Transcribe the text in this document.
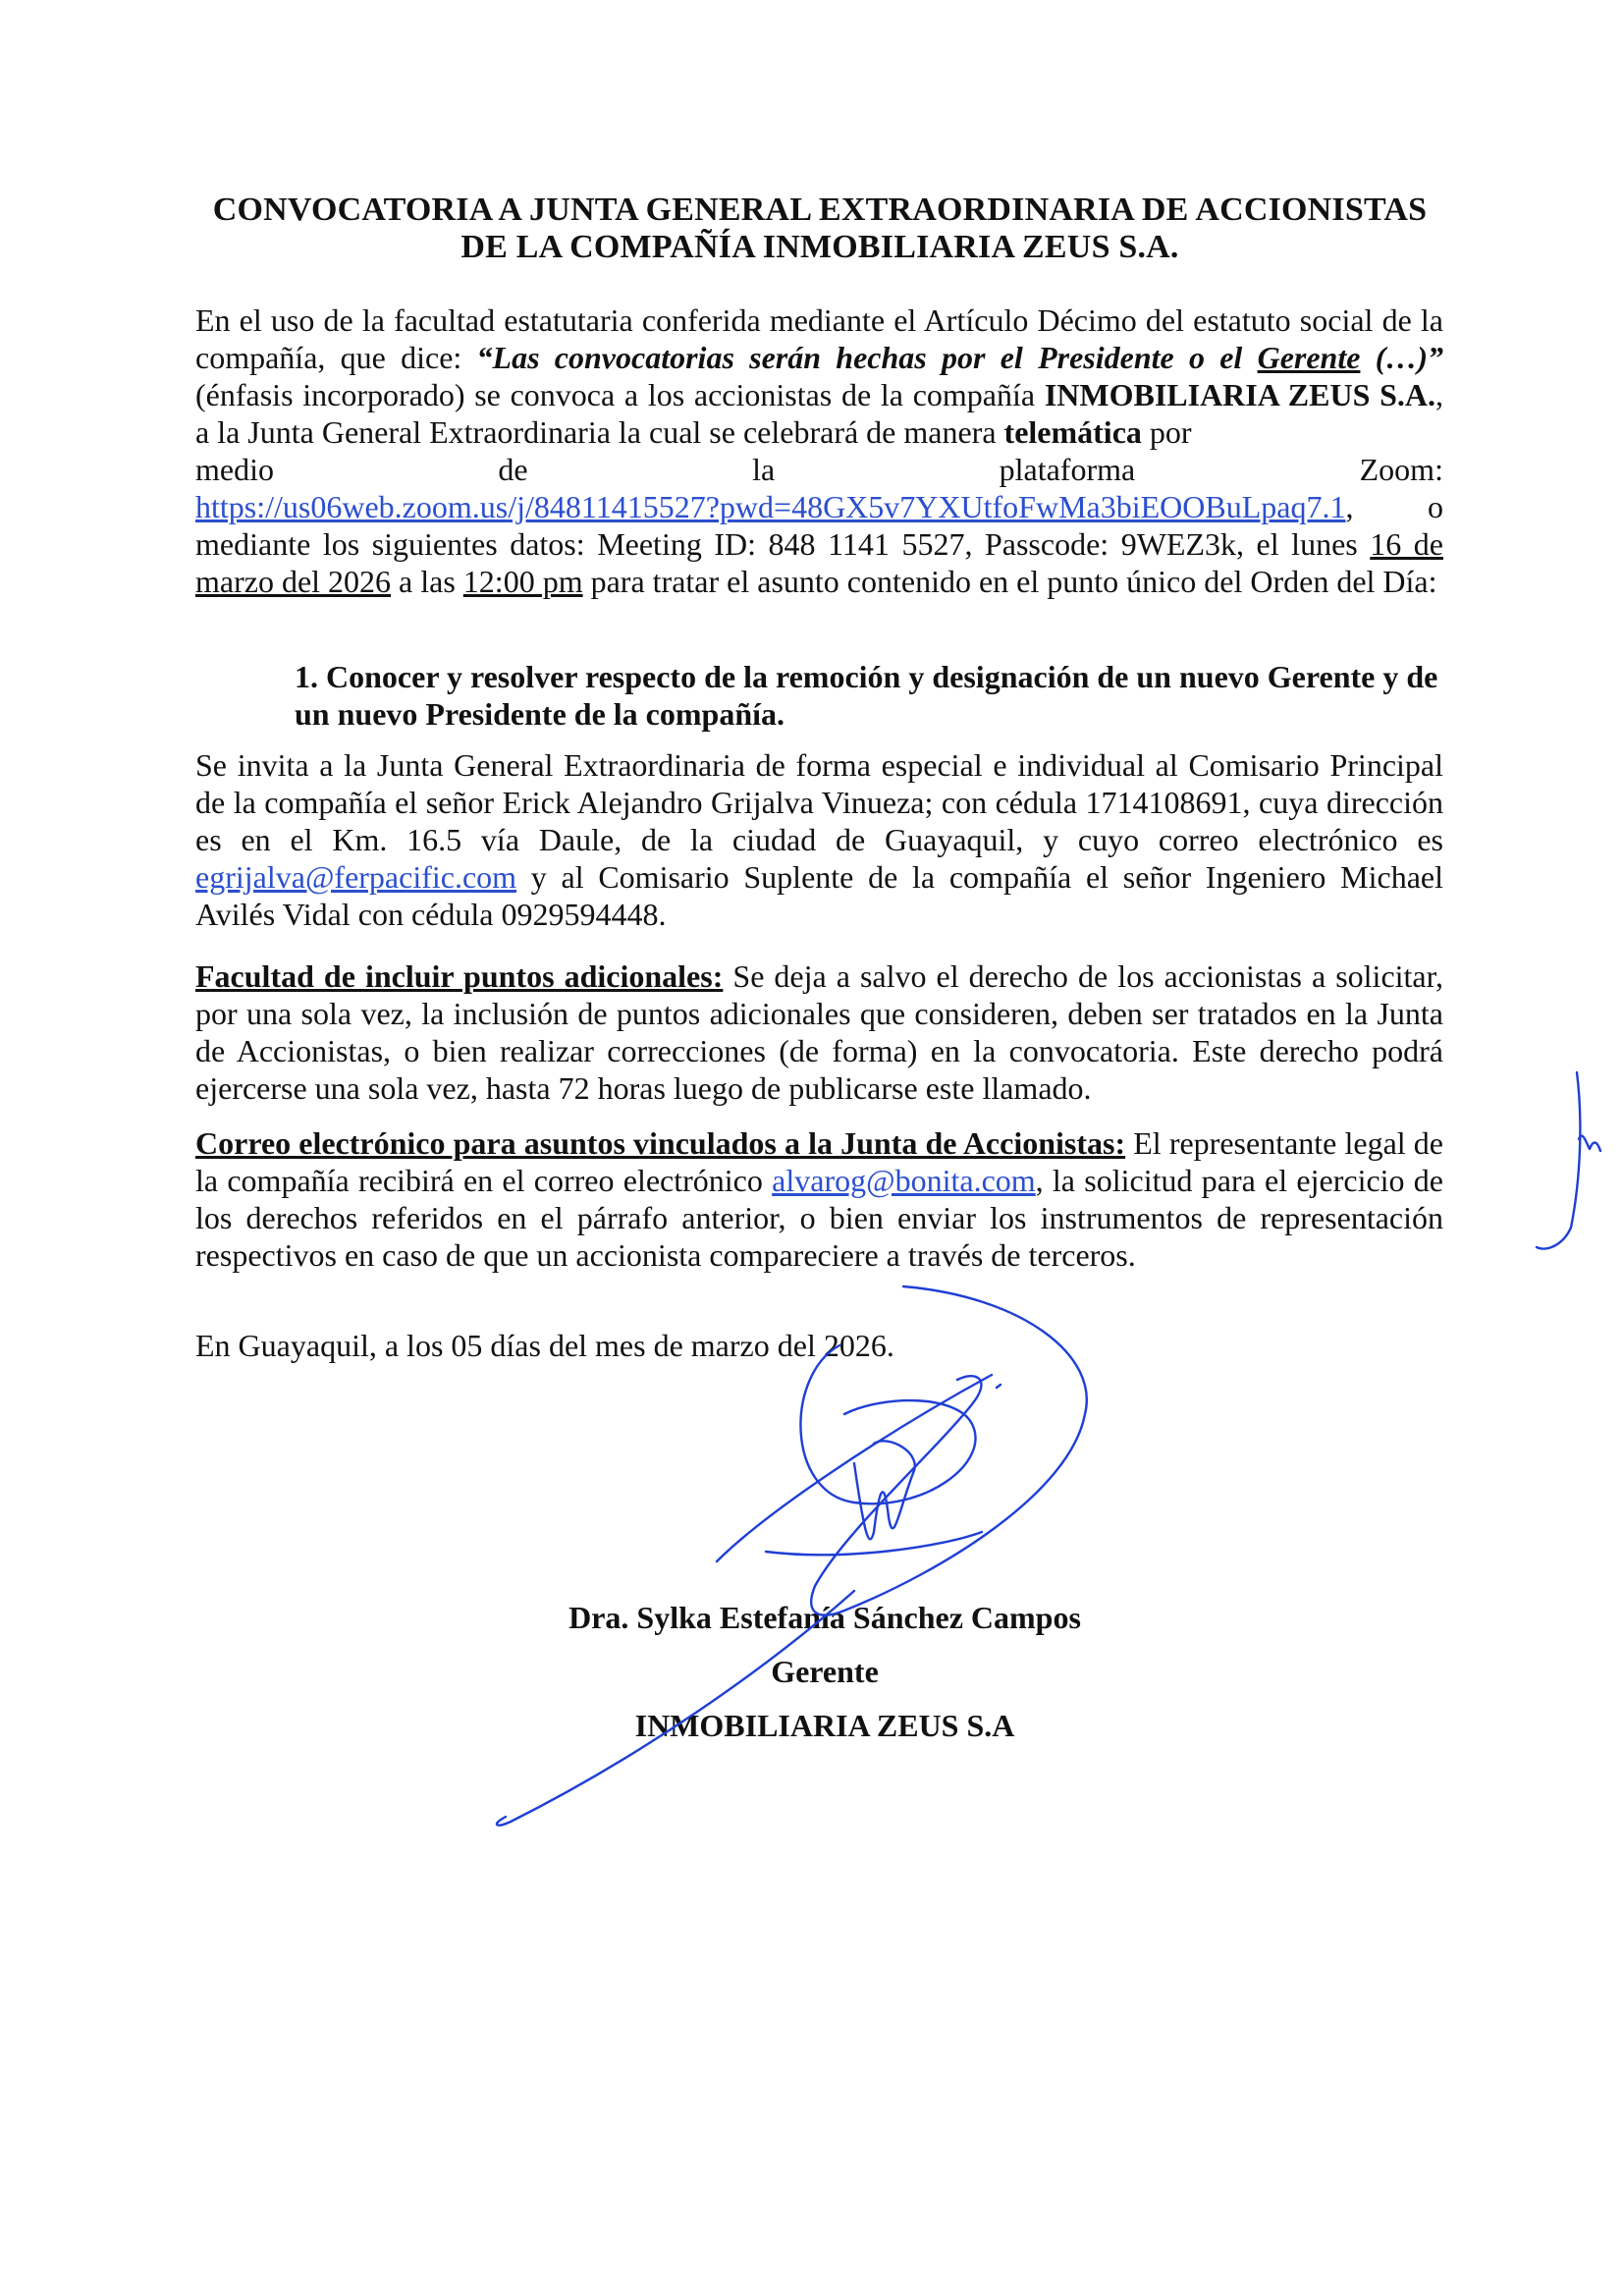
CONVOCATORIA A JUNTA GENERAL EXTRAORDINARIA DE ACCIONISTAS
DE LA COMPAÑÍA INMOBILIARIA ZEUS S.A.
En el uso de la facultad estatutaria conferida mediante el Artículo Décimo del estatuto social de la compañía, que dice: “Las convocatorias serán hechas por el Presidente o el Gerente (…)” (énfasis incorporado) se convoca a los accionistas de la compañía INMOBILIARIA ZEUS S.A., a la Junta General Extraordinaria la cual se celebrará de manera telemática por
medio	de	la	plataforma	Zoom:
https://us06web.zoom.us/j/84811415527?pwd=48GX5v7YXUtfoFwMa3biEOOBuLpaq7.1, o mediante los siguientes datos: Meeting ID: 848 1141 5527, Passcode: 9WEZ3k, el lunes 16 de marzo del 2026 a las 12:00 pm para tratar el asunto contenido en el punto único del Orden del Día:
1. Conocer y resolver respecto de la remoción y designación de un nuevo Gerente y de un nuevo Presidente de la compañía.
Se invita a la Junta General Extraordinaria de forma especial e individual al Comisario Principal de la compañía el señor Erick Alejandro Grijalva Vinueza; con cédula 1714108691, cuya dirección es en el Km. 16.5 vía Daule, de la ciudad de Guayaquil, y cuyo correo electrónico es egrijalva@ferpacific.com y al Comisario Suplente de la compañía el señor Ingeniero Michael Avilés Vidal con cédula 0929594448.
Facultad de incluir puntos adicionales: Se deja a salvo el derecho de los accionistas a solicitar, por una sola vez, la inclusión de puntos adicionales que consideren, deben ser tratados en la Junta de Accionistas, o bien realizar correcciones (de forma) en la convocatoria. Este derecho podrá ejercerse una sola vez, hasta 72 horas luego de publicarse este llamado.
Correo electrónico para asuntos vinculados a la Junta de Accionistas: El representante legal de la compañía recibirá en el correo electrónico alvarog@bonita.com, la solicitud para el ejercicio de los derechos referidos en el párrafo anterior, o bien enviar los instrumentos de representación respectivos en caso de que un accionista compareciere a través de terceros.
En Guayaquil, a los 05 días del mes de marzo del 2026.
Dra. Sylka Estefanía Sánchez Campos
Gerente
INMOBILIARIA ZEUS S.A
